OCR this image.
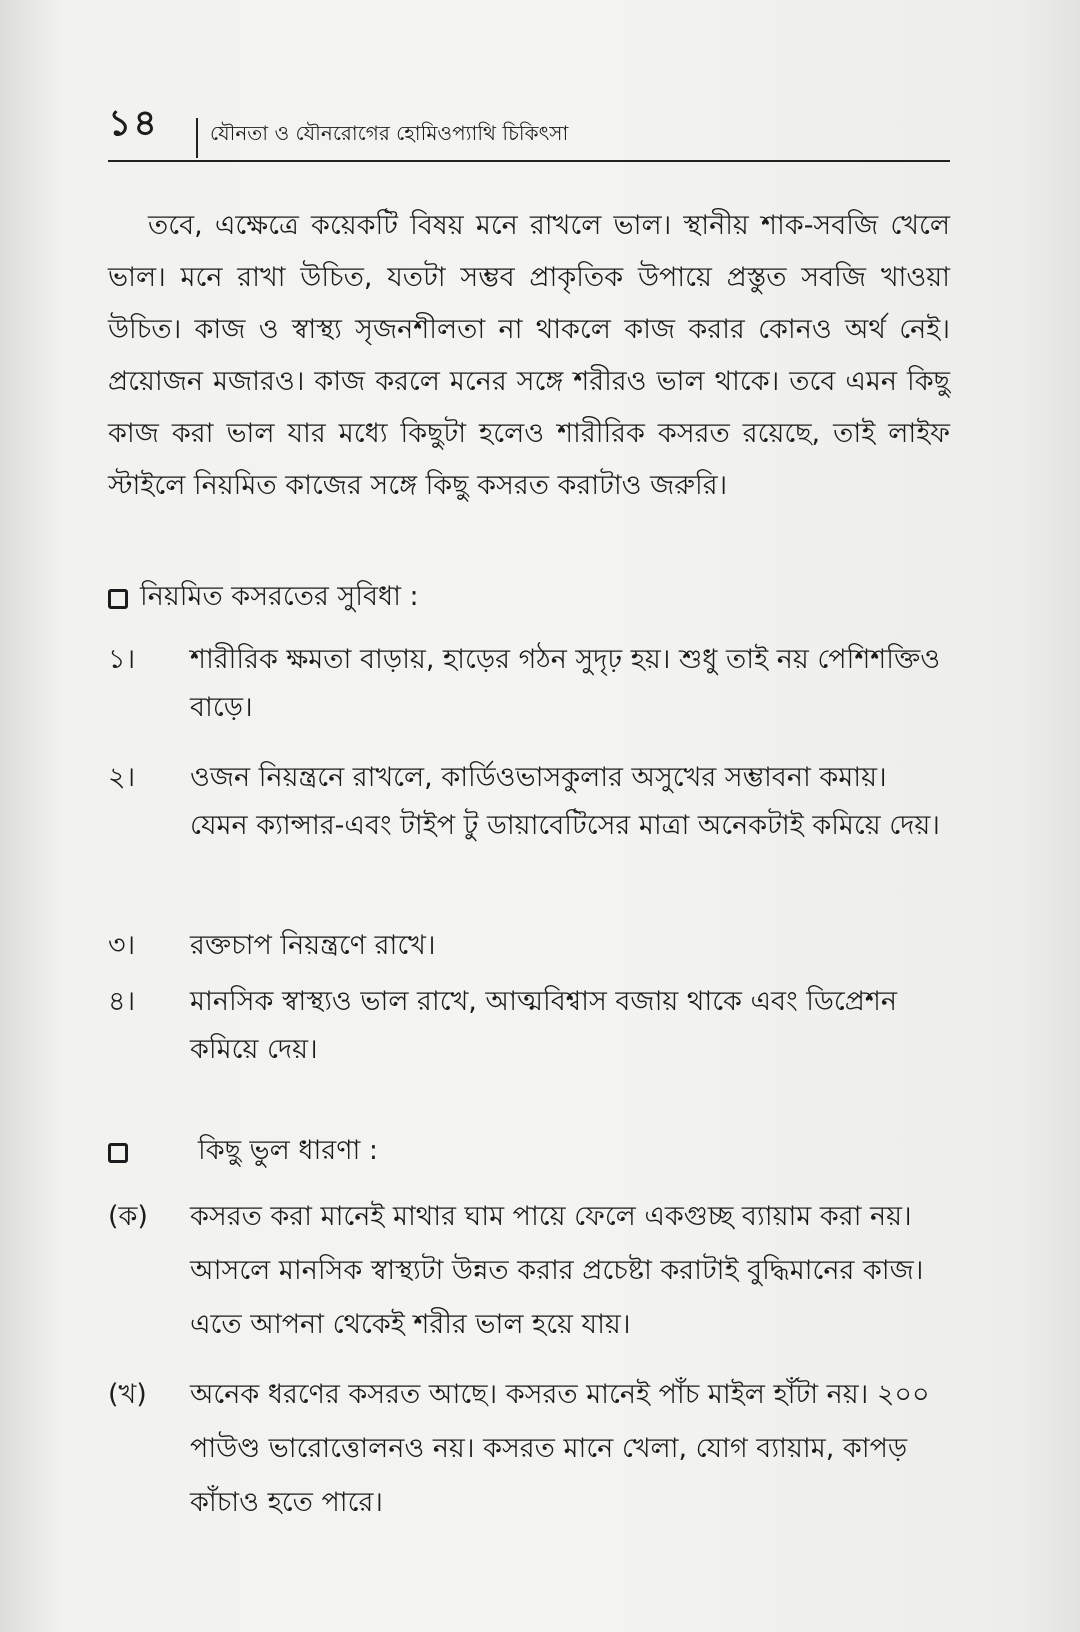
১৪	যৌনতা ও যৌনরোগের হোমিওপ্যাথি চিকিৎসা

তবে, এক্ষেত্রে কয়েকটি বিষয় মনে রাখলে ভাল। স্থানীয় শাক-সবজি খেলে ভাল। মনে রাখা উচিত, যতটা সম্ভব প্রাকৃতিক উপায়ে প্রস্তুত সবজি খাওয়া উচিত। কাজ ও স্বাস্থ্য সৃজনশীলতা না থাকলে কাজ করার কোনও অর্থ নেই। প্রয়োজন মজারও। কাজ করলে মনের সঙ্গে শরীরও ভাল থাকে। তবে এমন কিছু কাজ করা ভাল যার মধ্যে কিছুটা হলেও শারীরিক কসরত রয়েছে, তাই লাইফ স্টাইলে নিয়মিত কাজের সঙ্গে কিছু কসরত করাটাও জরুরি।

নিয়মিত কসরতের সুবিধা :
১।	শারীরিক ক্ষমতা বাড়ায়, হাড়ের গঠন সুদৃঢ় হয়। শুধু তাই নয় পেশিশক্তিও বাড়ে।
২।	ওজন নিয়ন্ত্রনে রাখলে, কার্ডিওভাসকুলার অসুখের সম্ভাবনা কমায়। যেমন ক্যান্সার-এবং টাইপ টু ডায়াবেটিসের মাত্রা অনেকটাই কমিয়ে দেয়।
৩।	রক্তচাপ নিয়ন্ত্রণে রাখে।
৪।	মানসিক স্বাস্থ্যও ভাল রাখে, আত্মবিশ্বাস বজায় থাকে এবং ডিপ্রেশন কমিয়ে দেয়।
কিছু ভুল ধারণা :
(ক)	কসরত করা মানেই মাথার ঘাম পায়ে ফেলে একগুচ্ছ ব্যায়াম করা নয়। আসলে মানসিক স্বাস্থ্যটা উন্নত করার প্রচেষ্টা করাটাই বুদ্ধিমানের কাজ। এতে আপনা থেকেই শরীর ভাল হয়ে যায়।
(খ)	অনেক ধরণের কসরত আছে। কসরত মানেই পাঁচ মাইল হাঁটা নয়। ২০০ পাউণ্ড ভারোত্তোলনও নয়। কসরত মানে খেলা, যোগ ব্যায়াম, কাপড় কাঁচাও হতে পারে।
